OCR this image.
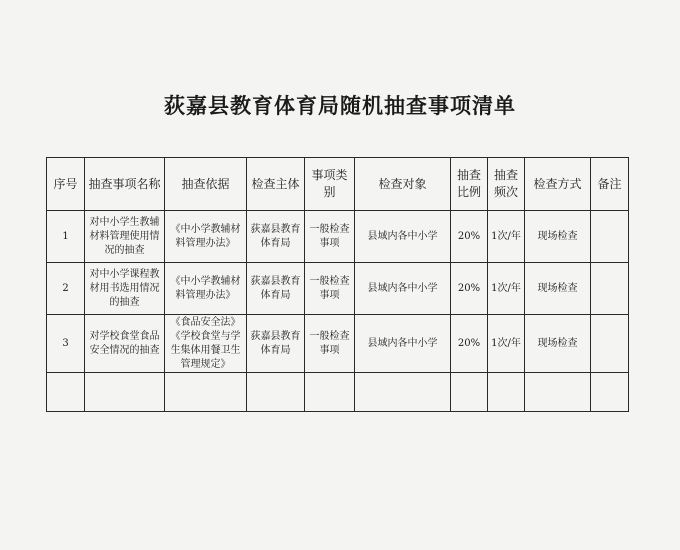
荻嘉县教育体育局随机抽查事项清单
序号	抽查事项名称	抽查依据	检查主体	事项类别	检查对象	抽查比例	抽查频次	检查方式	备注
1	对中小学生教辅材料管理使用情况的抽查	《中小学教辅材料管理办法》	荻嘉县教育体育局	一般检查事项	县域内各中小学	20%	1次/年	现场检查	
2	对中小学课程教材用书选用情况的抽查	《中小学教辅材料管理办法》	荻嘉县教育体育局	一般检查事项	县域内各中小学	20%	1次/年	现场检查	
3	对学校食堂食品安全情况的抽查	《食品安全法》《学校食堂与学生集体用餐卫生管理规定》	荻嘉县教育体育局	一般检查事项	县域内各中小学	20%	1次/年	现场检查	
